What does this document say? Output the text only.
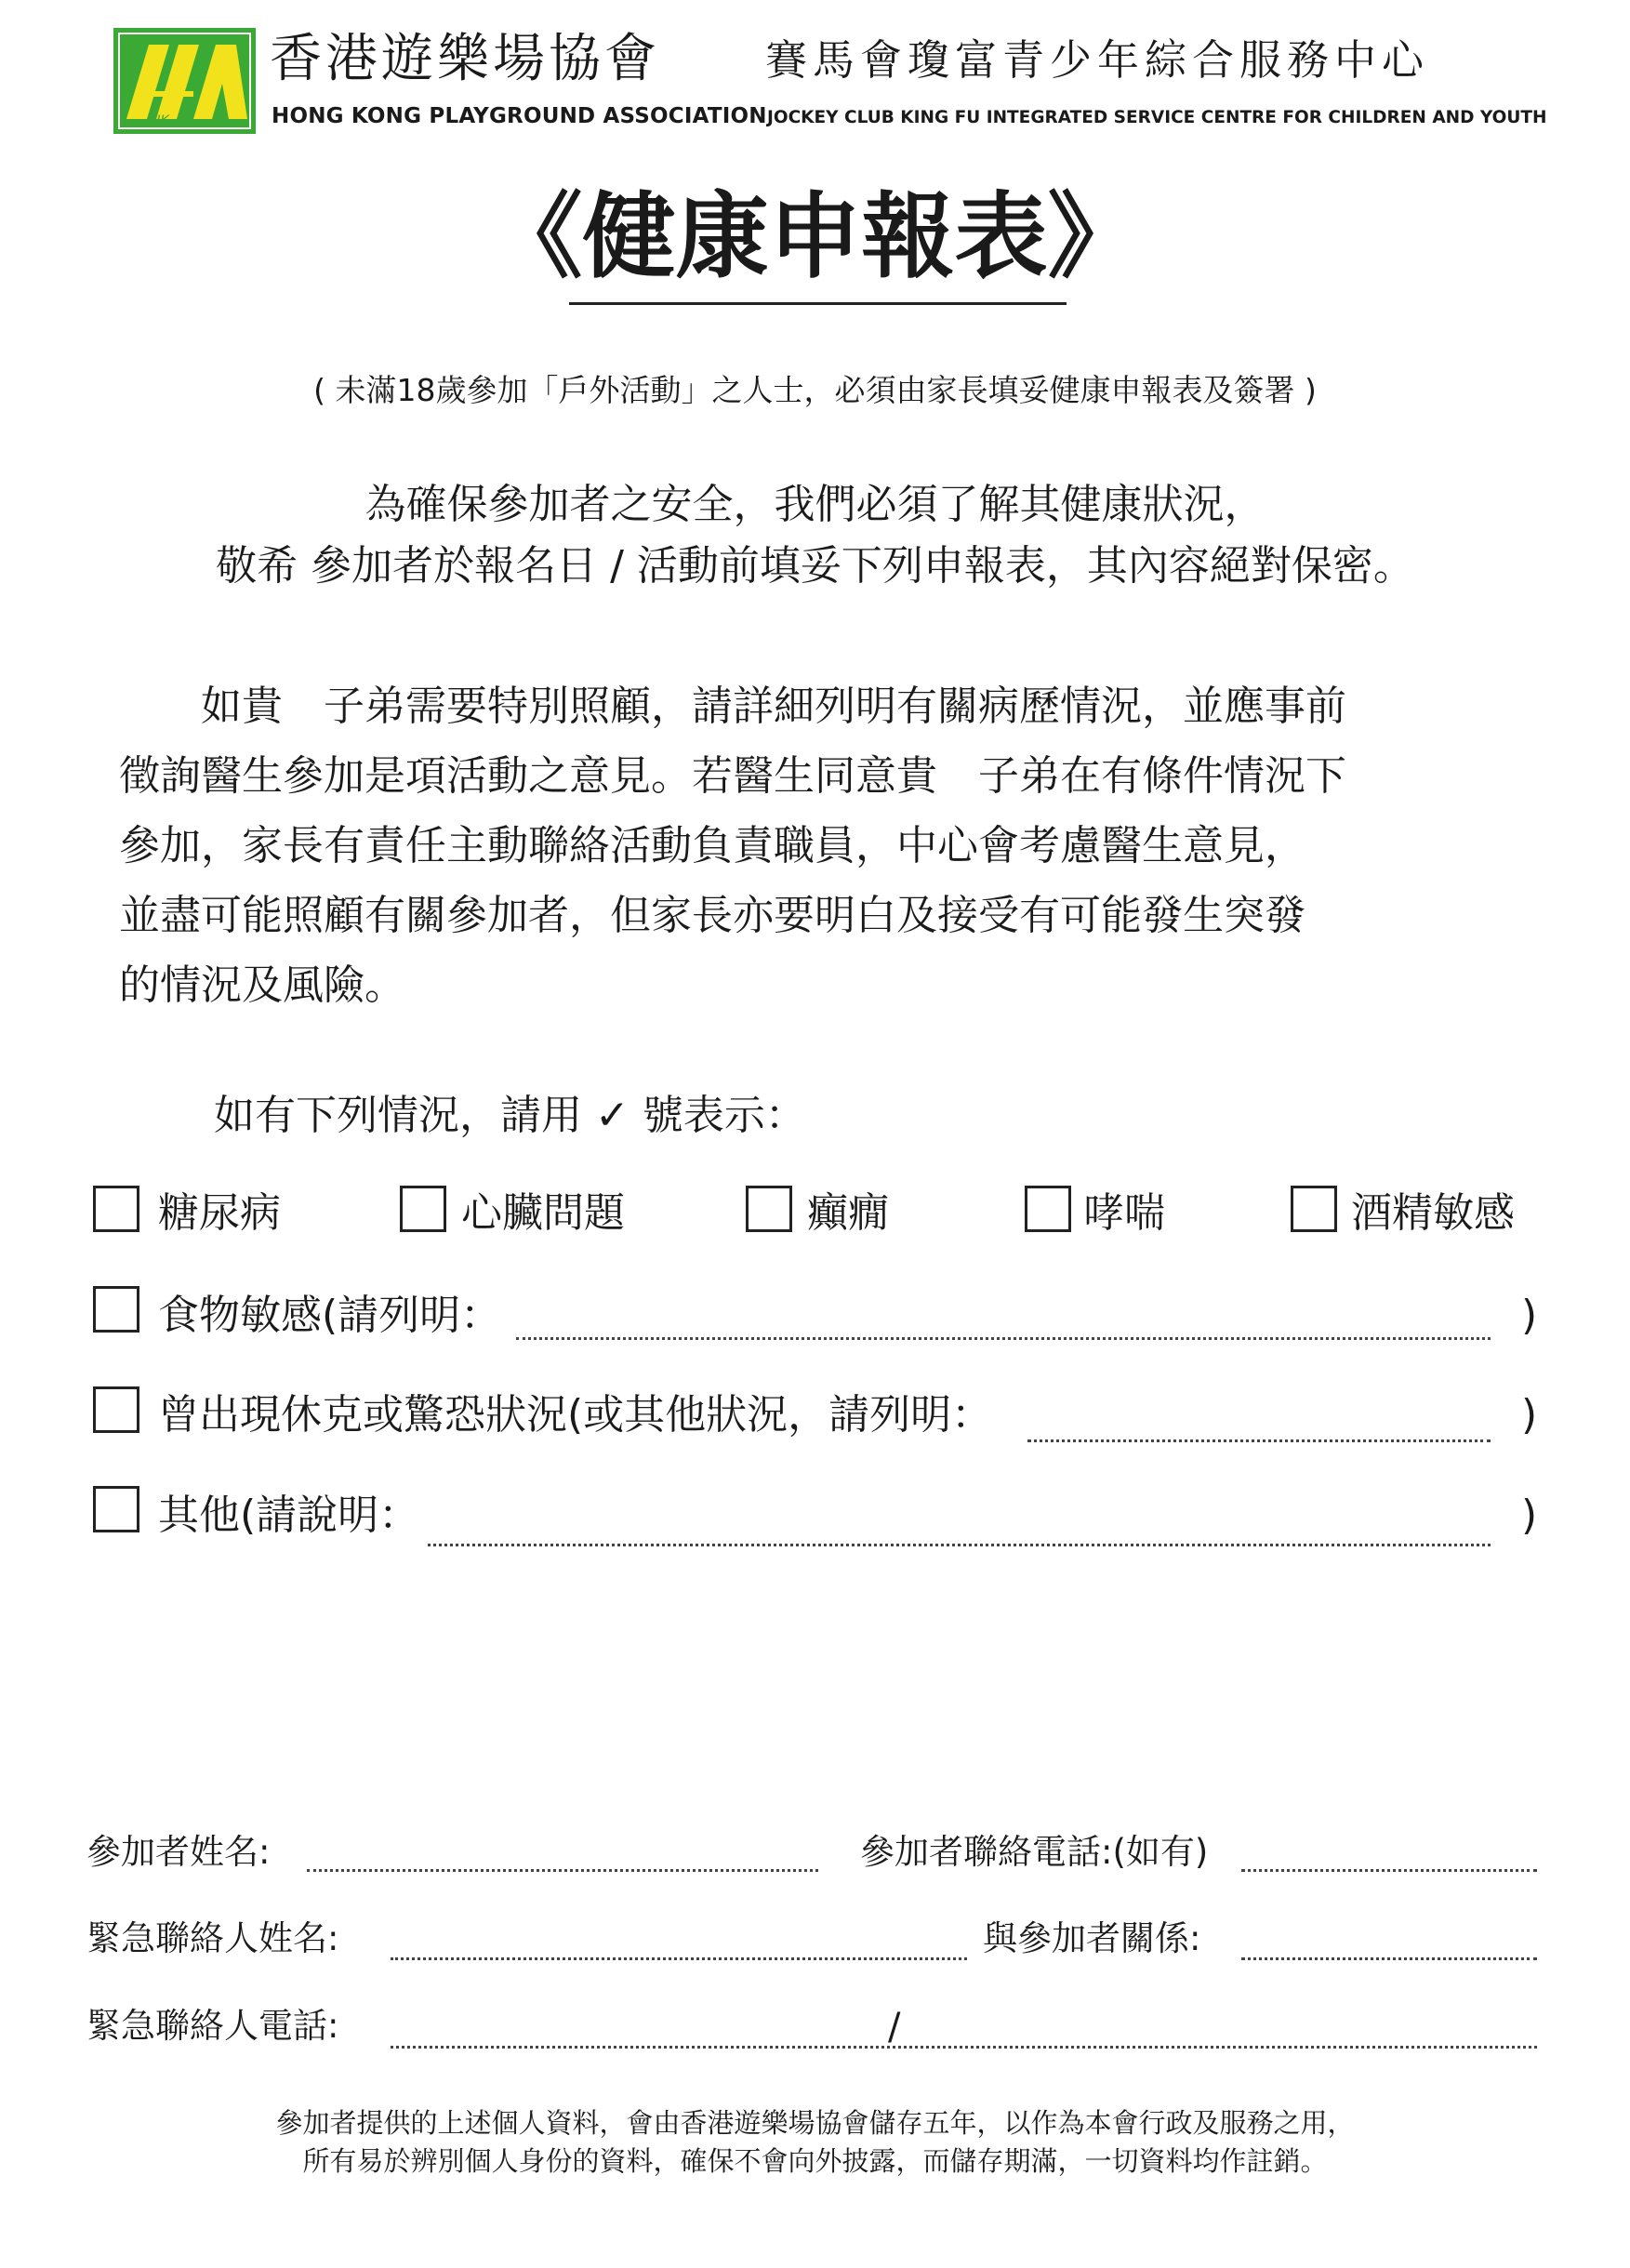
HK
香港遊樂場協會
HONG KONG PLAYGROUND ASSOCIATION
賽馬會瓊富青少年綜合服務中心
JOCKEY CLUB KING FU INTEGRATED SERVICE CENTRE FOR CHILDREN AND YOUTH
《健康申報表》
( 未滿18歲參加「戶外活動」之人士，必須由家長填妥健康申報表及簽署 )
為確保參加者之安全，我們必須了解其健康狀況，
敬希 參加者於報名日 / 活動前填妥下列申報表，其內容絕對保密。
　　如貴　子弟需要特別照顧，請詳細列明有關病歷情況，並應事前
徵詢醫生參加是項活動之意見。若醫生同意貴　子弟在有條件情況下
參加，家長有責任主動聯絡活動負責職員，中心會考慮醫生意見，
並盡可能照顧有關參加者，但家長亦要明白及接受有可能發生突發
的情況及風險。
如有下列情況，請用 ✓ 號表示：
糖尿病	心臟問題	癲癇	哮喘	酒精敏感
食物敏感(請列明：	)
曾出現休克或驚恐狀況(或其他狀況，請列明：	)
其他(請說明：	)
參加者姓名:	參加者聯絡電話:(如有)
緊急聯絡人姓名:	與參加者關係:
緊急聯絡人電話:	/
參加者提供的上述個人資料，會由香港遊樂場協會儲存五年，以作為本會行政及服務之用，
所有易於辨別個人身份的資料，確保不會向外披露，而儲存期滿，一切資料均作註銷。
